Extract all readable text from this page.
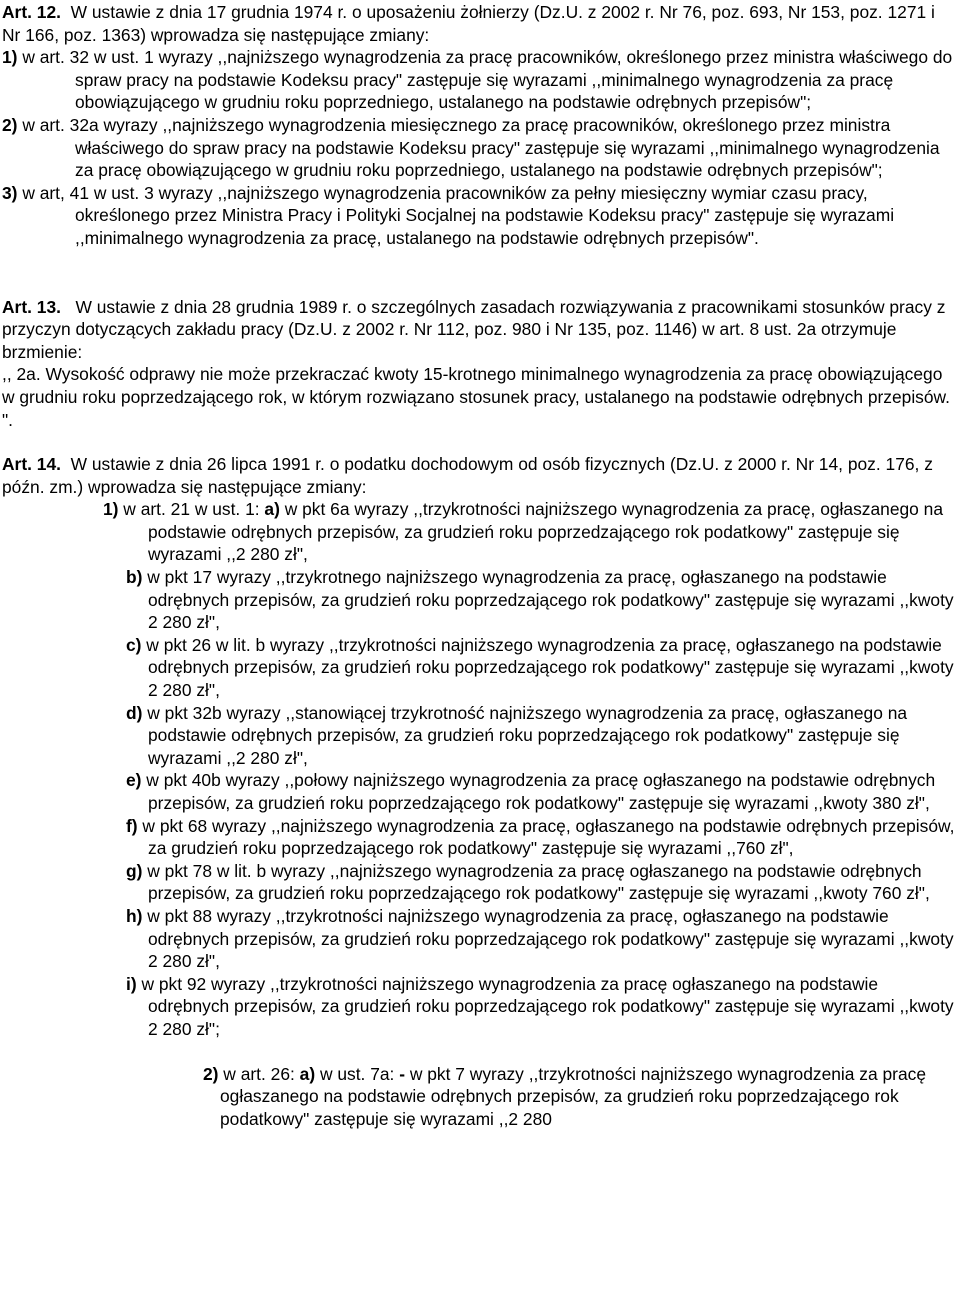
Art. 12. W ustawie z dnia 17 grudnia 1974 r. o uposażeniu żołnierzy (Dz.U. z 2002 r. Nr 76, poz. 693, Nr 153, poz. 1271 i Nr 166, poz. 1363) wprowadza się następujące zmiany:

1) w art. 32 w ust. 1 wyrazy ,,najniższego wynagrodzenia za pracę pracowników, określonego przez ministra właściwego do spraw pracy na podstawie Kodeksu pracy" zastępuje się wyrazami ,,minimalnego wynagrodzenia za pracę obowiązującego w grudniu roku poprzedniego, ustalanego na podstawie odrębnych przepisów";

2) w art. 32a wyrazy ,,najniższego wynagrodzenia miesięcznego za pracę pracowników, określonego przez ministra właściwego do spraw pracy na podstawie Kodeksu pracy" zastępuje się wyrazami ,,minimalnego wynagrodzenia za pracę obowiązującego w grudniu roku poprzedniego, ustalanego na podstawie odrębnych przepisów";

3) w art, 41 w ust. 3 wyrazy ,,najniższego wynagrodzenia pracowników za pełny miesięczny wymiar czasu pracy, określonego przez Ministra Pracy i Polityki Socjalnej na podstawie Kodeksu pracy" zastępuje się wyrazami ,,minimalnego wynagrodzenia za pracę, ustalanego na podstawie odrębnych przepisów".

Art. 13. W ustawie z dnia 28 grudnia 1989 r. o szczególnych zasadach rozwiązywania z pracownikami stosunków pracy z przyczyn dotyczących zakładu pracy (Dz.U. z 2002 r. Nr 112, poz. 980 i Nr 135, poz. 1146) w art. 8 ust. 2a otrzymuje brzmienie:

,, 2a. Wysokość odprawy nie może przekraczać kwoty 15-krotnego minimalnego wynagrodzenia za pracę obowiązującego w grudniu roku poprzedzającego rok, w którym rozwiązano stosunek pracy, ustalanego na podstawie odrębnych przepisów. ".

Art. 14. W ustawie z dnia 26 lipca 1991 r. o podatku dochodowym od osób fizycznych (Dz.U. z 2000 r. Nr 14, poz. 176, z późn. zm.) wprowadza się następujące zmiany:

1) w art. 21 w ust. 1: a) w pkt 6a wyrazy ,,trzykrotności najniższego wynagrodzenia za pracę, ogłaszanego na podstawie odrębnych przepisów, za grudzień roku poprzedzającego rok podatkowy" zastępuje się wyrazami ,,2 280 zł",

b) w pkt 17 wyrazy ,,trzykrotnego najniższego wynagrodzenia za pracę, ogłaszanego na podstawie odrębnych przepisów, za grudzień roku poprzedzającego rok podatkowy" zastępuje się wyrazami ,,kwoty 2 280 zł",

c) w pkt 26 w lit. b wyrazy ,,trzykrotności najniższego wynagrodzenia za pracę, ogłaszanego na podstawie odrębnych przepisów, za grudzień roku poprzedzającego rok podatkowy" zastępuje się wyrazami ,,kwoty 2 280 zł",

d) w pkt 32b wyrazy ,,stanowiącej trzykrotność najniższego wynagrodzenia za pracę, ogłaszanego na podstawie odrębnych przepisów, za grudzień roku poprzedzającego rok podatkowy" zastępuje się wyrazami ,,2 280 zł",

e) w pkt 40b wyrazy ,,połowy najniższego wynagrodzenia za pracę ogłaszanego na podstawie odrębnych przepisów, za grudzień roku poprzedzającego rok podatkowy" zastępuje się wyrazami ,,kwoty 380 zł",

f) w pkt 68 wyrazy ,,najniższego wynagrodzenia za pracę, ogłaszanego na podstawie odrębnych przepisów, za grudzień roku poprzedzającego rok podatkowy" zastępuje się wyrazami ,,760 zł",

g) w pkt 78 w lit. b wyrazy ,,najniższego wynagrodzenia za pracę ogłaszanego na podstawie odrębnych przepisów, za grudzień roku poprzedzającego rok podatkowy" zastępuje się wyrazami ,,kwoty 760 zł",

h) w pkt 88 wyrazy ,,trzykrotności najniższego wynagrodzenia za pracę, ogłaszanego na podstawie odrębnych przepisów, za grudzień roku poprzedzającego rok podatkowy" zastępuje się wyrazami ,,kwoty 2 280 zł",

i) w pkt 92 wyrazy ,,trzykrotności najniższego wynagrodzenia za pracę ogłaszanego na podstawie odrębnych przepisów, za grudzień roku poprzedzającego rok podatkowy" zastępuje się wyrazami ,,kwoty 2 280 zł";

2) w art. 26: a) w ust. 7a: - w pkt 7 wyrazy ,,trzykrotności najniższego wynagrodzenia za pracę ogłaszanego na podstawie odrębnych przepisów, za grudzień roku poprzedzającego rok podatkowy" zastępuje się wyrazami ,,2 280
